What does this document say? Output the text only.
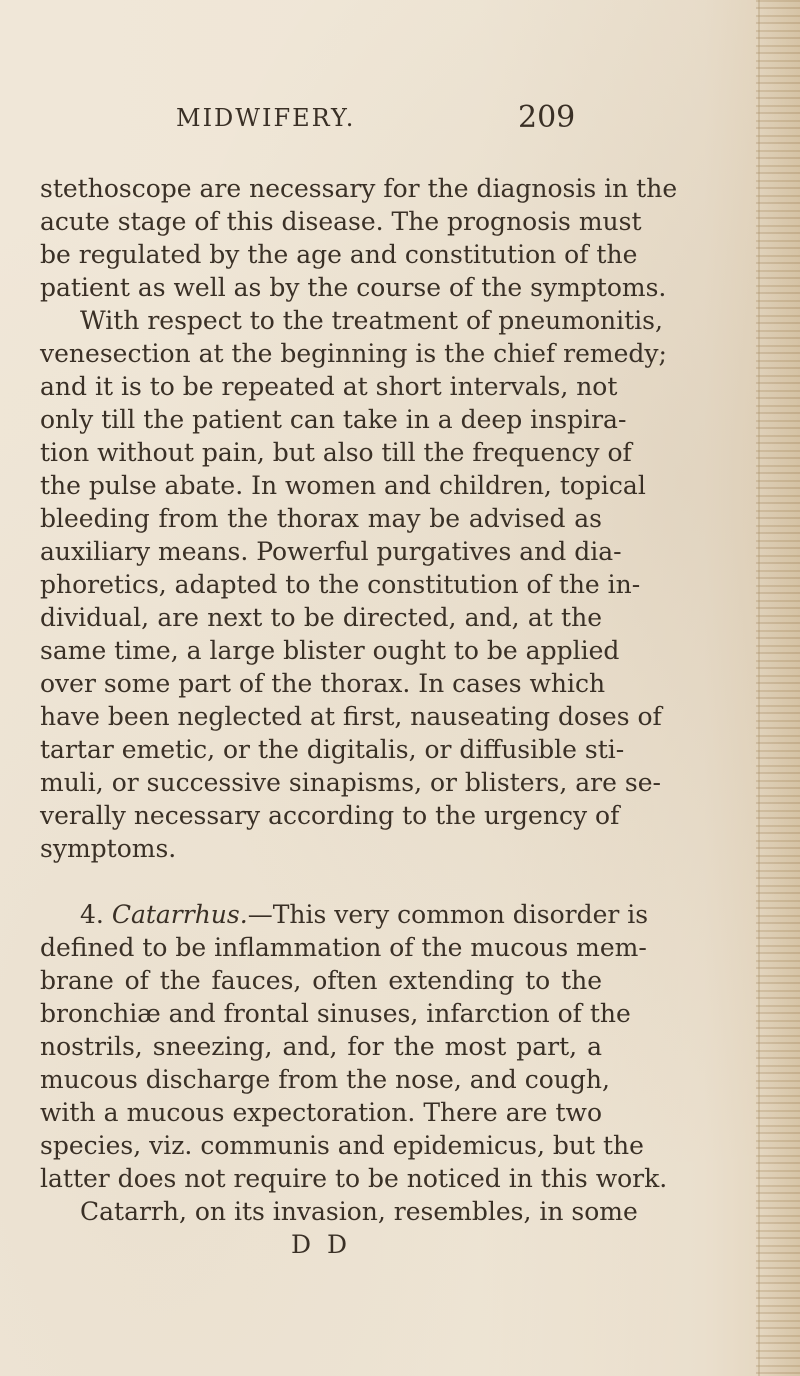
MIDWIFERY.	209
stethoscope are necessary for the diagnosis in the
acute stage of this disease. The prognosis must
be regulated by the age and constitution of the
patient as well as by the course of the symptoms.
With respect to the treatment of pneumonitis,
venesection at the beginning is the chief remedy;
and it is to be repeated at short intervals, not
only till the patient can take in a deep inspira-
tion without pain, but also till the frequency of
the pulse abate. In women and children, topical
bleeding from the thorax may be advised as
auxiliary means. Powerful purgatives and dia-
phoretics, adapted to the constitution of the in-
dividual, are next to be directed, and, at the
same time, a large blister ought to be applied
over some part of the thorax. In cases which
have been neglected at first, nauseating doses of
tartar emetic, or the digitalis, or diffusible sti-
muli, or successive sinapisms, or blisters, are se-
verally necessary according to the urgency of
symptoms.
4. Catarrhus.—This very common disorder is
defined to be inflammation of the mucous mem-
brane of the fauces, often extending to the
bronchiæ and frontal sinuses, infarction of the
nostrils, sneezing, and, for the most part, a
mucous discharge from the nose, and cough,
with a mucous expectoration. There are two
species, viz. communis and epidemicus, but the
latter does not require to be noticed in this work.
Catarrh, on its invasion, resembles, in some
D D
